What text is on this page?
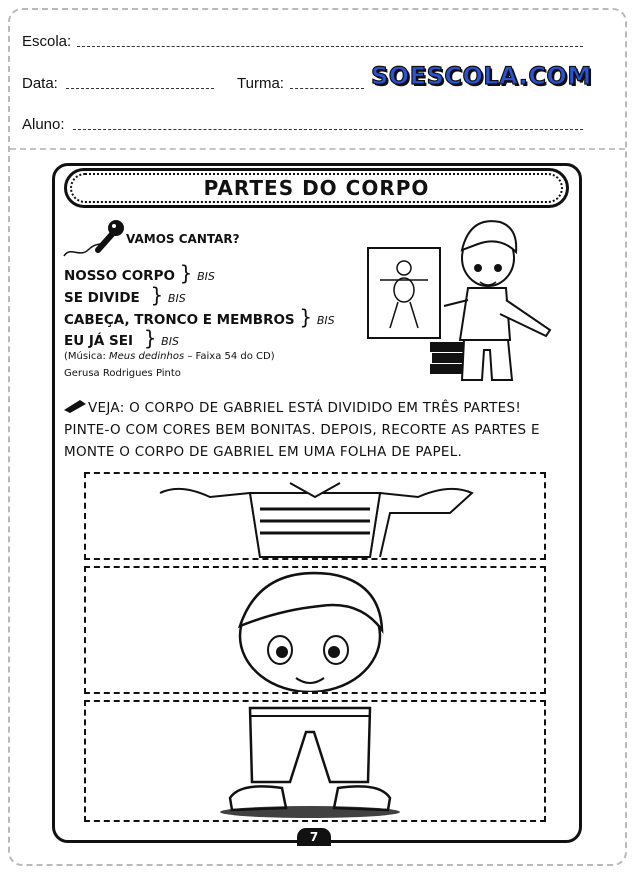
Escola:
Data:	Turma:	SOESCOLA.COM
Aluno:
PARTES DO CORPO
VAMOS CANTAR?
NOSSO CORPO } BIS
SE DIVIDE } BIS
CABEÇA, TRONCO E MEMBROS } BIS
EU JÁ SEI } BIS
(Música: Meus dedinhos – Faixa 54 do CD)
Gerusa Rodrigues Pinto
VEJA: O CORPO DE GABRIEL ESTÁ DIVIDIDO EM TRÊS PARTES!
PINTE-O COM CORES BEM BONITAS. DEPOIS, RECORTE AS PARTES E
MONTE O CORPO DE GABRIEL EM UMA FOLHA DE PAPEL.
7
